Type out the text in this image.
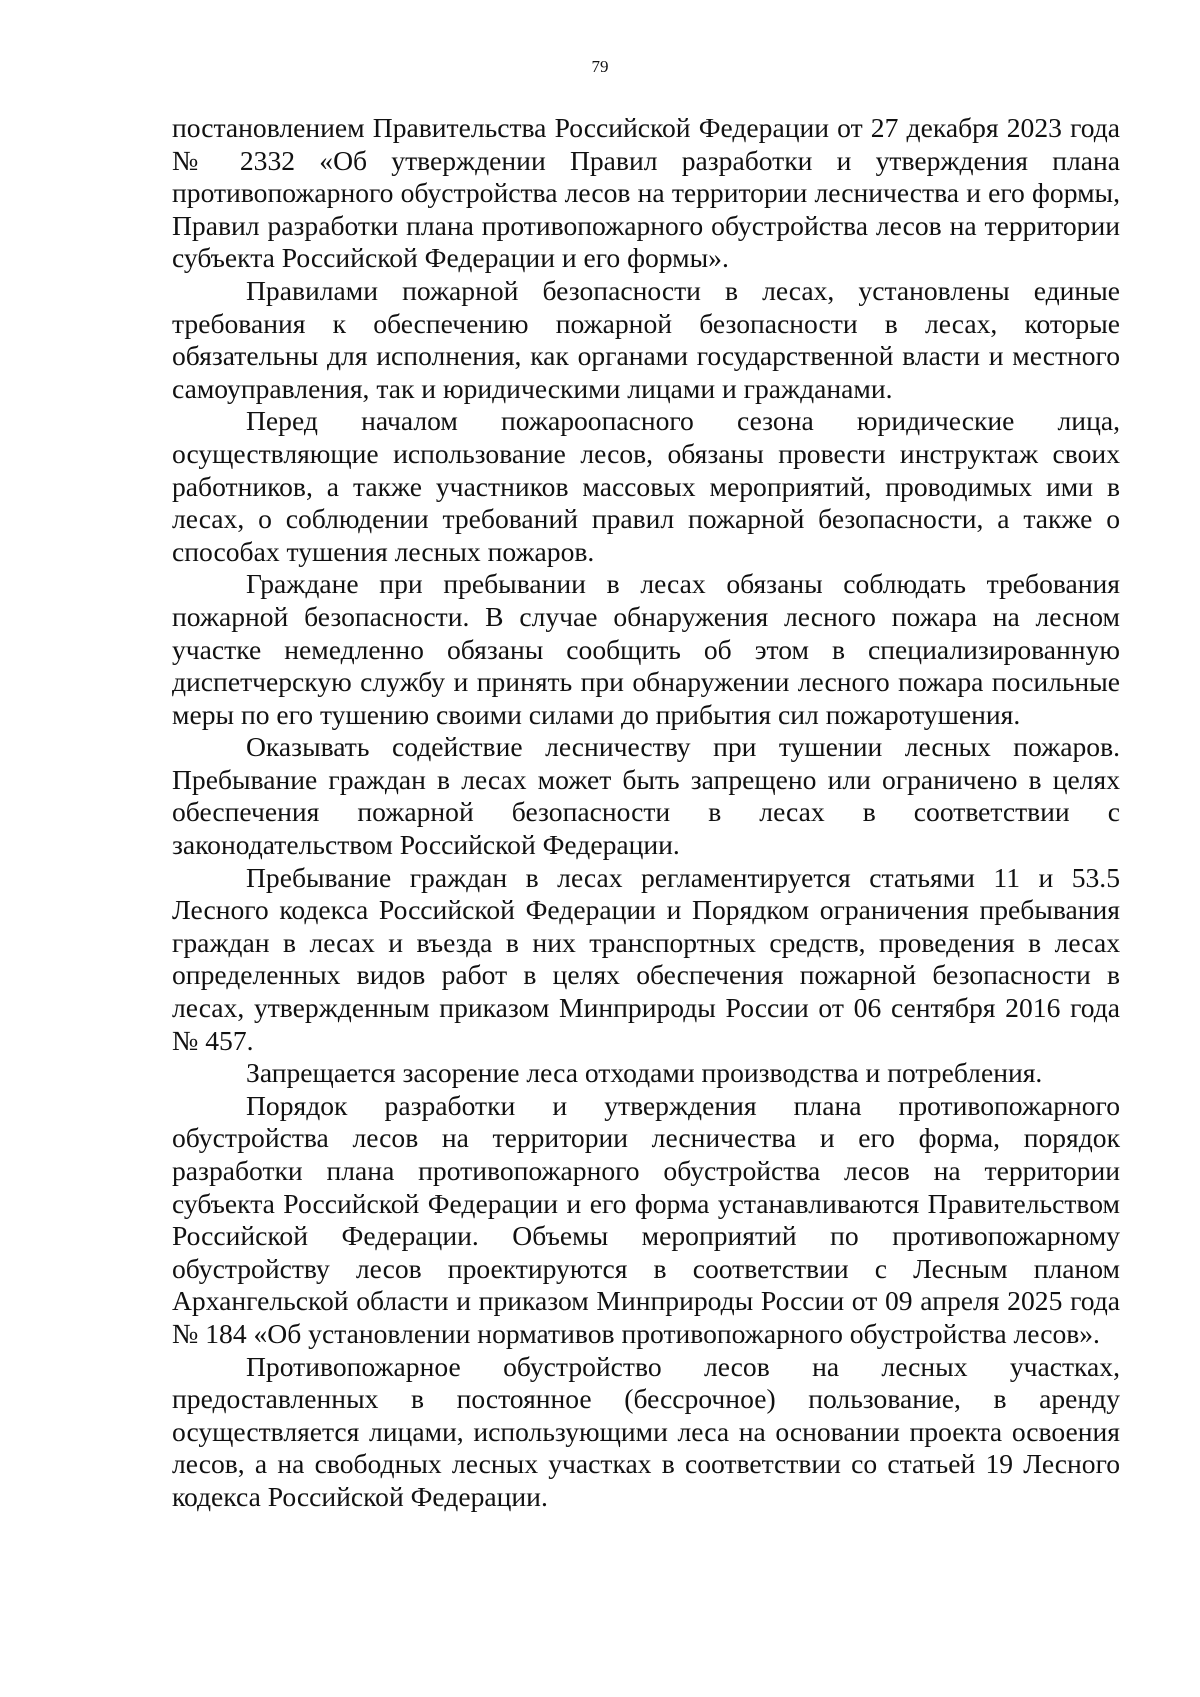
79

постановлением Правительства Российской Федерации от 27 декабря 2023 года № 2332 «Об утверждении Правил разработки и утверждения плана противопожарного обустройства лесов на территории лесничества и его формы, Правил разработки плана противопожарного обустройства лесов на территории субъекта Российской Федерации и его формы».

Правилами пожарной безопасности в лесах, установлены единые требования к обеспечению пожарной безопасности в лесах, которые обязательны для исполнения, как органами государственной власти и местного самоуправления, так и юридическими лицами и гражданами.

Перед началом пожароопасного сезона юридические лица, осуществляющие использование лесов, обязаны провести инструктаж своих работников, а также участников массовых мероприятий, проводимых ими в лесах, о соблюдении требований правил пожарной безопасности, а также о способах тушения лесных пожаров.

Граждане при пребывании в лесах обязаны соблюдать требования пожарной безопасности. В случае обнаружения лесного пожара на лесном участке немедленно обязаны сообщить об этом в специализированную диспетчерскую службу и принять при обнаружении лесного пожара посильные меры по его тушению своими силами до прибытия сил пожаротушения.

Оказывать содействие лесничеству при тушении лесных пожаров. Пребывание граждан в лесах может быть запрещено или ограничено в целях обеспечения пожарной безопасности в лесах в соответствии с законодательством Российской Федерации.

Пребывание граждан в лесах регламентируется статьями 11 и 53.5 Лесного кодекса Российской Федерации и Порядком ограничения пребывания граждан в лесах и въезда в них транспортных средств, проведения в лесах определенных видов работ в целях обеспечения пожарной безопасности в лесах, утвержденным приказом Минприроды России от 06 сентября 2016 года № 457.

Запрещается засорение леса отходами производства и потребления.

Порядок разработки и утверждения плана противопожарного обустройства лесов на территории лесничества и его форма, порядок разработки плана противопожарного обустройства лесов на территории субъекта Российской Федерации и его форма устанавливаются Правительством Российской Федерации. Объемы мероприятий по противопожарному обустройству лесов проектируются в соответствии с Лесным планом Архангельской области и приказом Минприроды России от 09 апреля 2025 года № 184 «Об установлении нормативов противопожарного обустройства лесов».

Противопожарное обустройство лесов на лесных участках, предоставленных в постоянное (бессрочное) пользование, в аренду осуществляется лицами, использующими леса на основании проекта освоения лесов, а на свободных лесных участках в соответствии со статьей 19 Лесного кодекса Российской Федерации.
